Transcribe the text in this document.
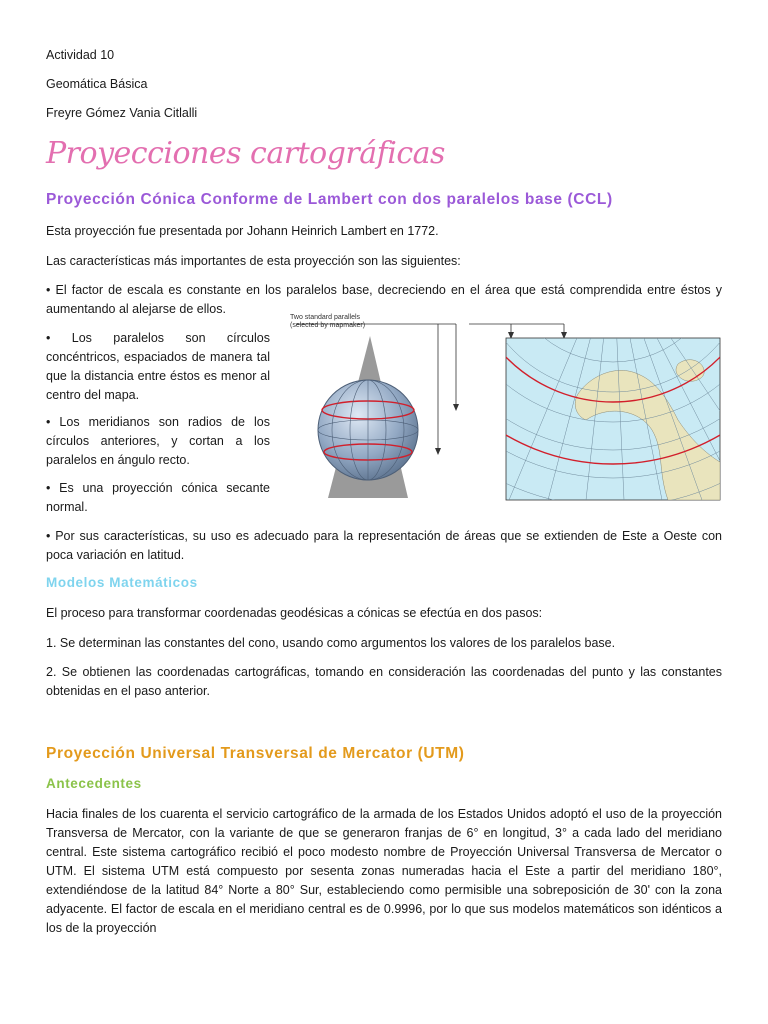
Actividad 10
Geomática Básica
Freyre Gómez Vania Citlalli
Proyecciones cartográficas
Proyección Cónica Conforme de Lambert con dos paralelos base (CCL)
Esta proyección fue presentada por Johann Heinrich Lambert en 1772.
Las características más importantes de esta proyección son las siguientes:
• El factor de escala es constante en los paralelos base, decreciendo en el área que está comprendida entre éstos y aumentando al alejarse de ellos.
• Los paralelos son círculos concéntricos, espaciados de manera tal que la distancia entre éstos es menor al centro del mapa.
• Los meridianos son radios de los círculos anteriores, y cortan a los paralelos en ángulo recto.
• Es una proyección cónica secante normal.
Two standard parallels
(selected by mapmaker)
• Por sus características, su uso es adecuado para la representación de áreas que se extienden de Este a Oeste con poca variación en latitud.
Modelos Matemáticos
El proceso para transformar coordenadas geodésicas a cónicas se efectúa en dos pasos:
1. Se determinan las constantes del cono, usando como argumentos los valores de los paralelos base.
2. Se obtienen las coordenadas cartográficas, tomando en consideración las coordenadas del punto y las constantes obtenidas en el paso anterior.
Proyección Universal Transversal de Mercator (UTM)
Antecedentes
Hacia finales de los cuarenta el servicio cartográfico de la armada de los Estados Unidos adoptó el uso de la proyección Transversa de Mercator, con la variante de que se generaron franjas de 6° en longitud, 3° a cada lado del meridiano central. Este sistema cartográfico recibió el poco modesto nombre de Proyección Universal Transversa de Mercator o UTM. El sistema UTM está compuesto por sesenta zonas numeradas hacia el Este a partir del meridiano 180°, extendiéndose de la latitud 84° Norte a 80° Sur, estableciendo como permisible una sobreposición de 30' con la zona adyacente. El factor de escala en el meridiano central es de 0.9996, por lo que sus modelos matemáticos son idénticos a los de la proyección
